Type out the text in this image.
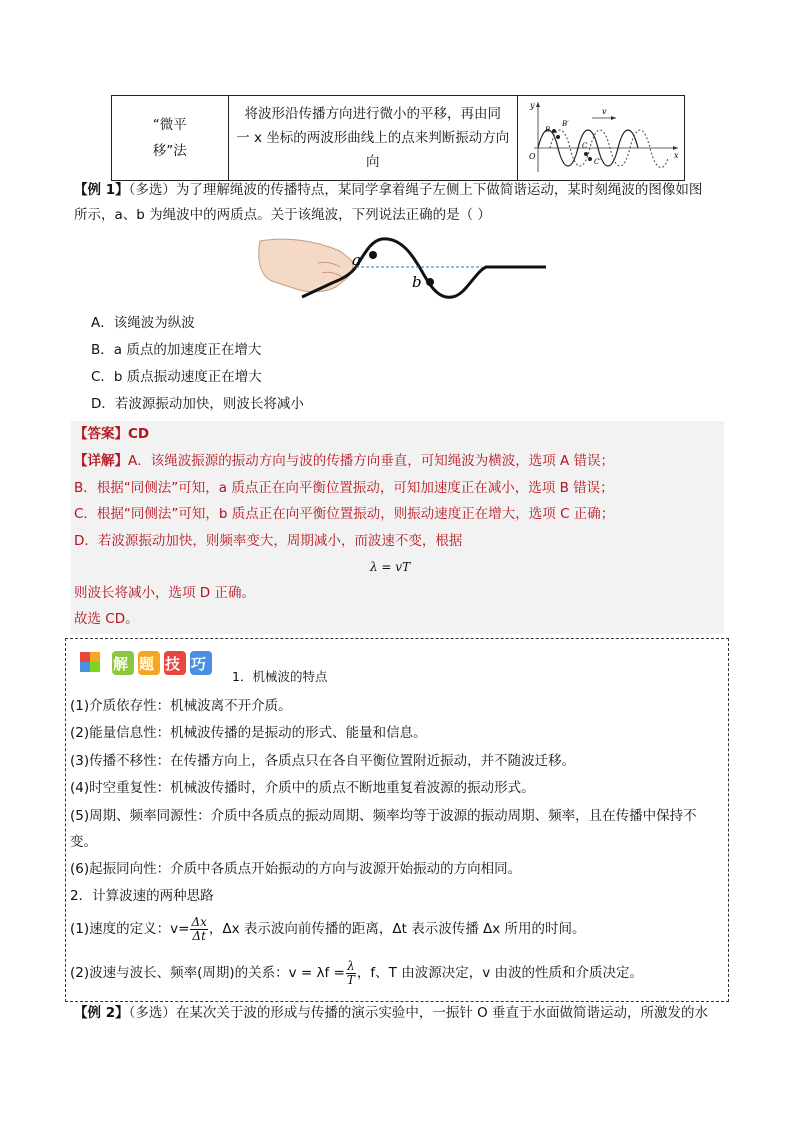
“微平
移”法

将波形沿传播方向进行微小的平移，再由同
一 x 坐标的两波形曲线上的点来判断振动方向
向

y
x
O
v
B
B′
C
C′
【例 1】（多选）为了理解绳波的传播特点，某同学拿着绳子左侧上下做简谐运动，某时刻绳波的图像如图
所示，a、b 为绳波中的两质点。关于该绳波，下列说法正确的是（ ）
a
b
A．该绳波为纵波
B．a 质点的加速度正在增大
C．b 质点振动速度正在增大
D．若波源振动加快，则波长将减小
【答案】CD
【详解】A．该绳波振源的振动方向与波的传播方向垂直，可知绳波为横波，选项 A 错误；
B．根据“同侧法”可知，a 质点正在向平衡位置振动，可知加速度正在减小，选项 B 错误；
C．根据“同侧法”可知，b 质点正在向平衡位置振动，则振动速度正在增大，选项 C 正确；
D．若波源振动加快，则频率变大，周期减小，而波速不变，根据
λ = vT
则波长将减小，选项 D 正确。
故选 CD。
解题技巧
1．机械波的特点
(1)介质依存性：机械波离不开介质。
(2)能量信息性：机械波传播的是振动的形式、能量和信息。
(3)传播不移性：在传播方向上，各质点只在各自平衡位置附近振动，并不随波迁移。
(4)时空重复性：机械波传播时，介质中的质点不断地重复着波源的振动形式。
(5)周期、频率同源性：介质中各质点的振动周期、频率均等于波源的振动周期、频率，且在传播中保持不
变。
(6)起振同向性：介质中各质点开始振动的方向与波源开始振动的方向相同。
2．计算波速的两种思路
(1)速度的定义：$v= \frac{\Delta x}{\Delta t}$ ，Δx 表示波向前传播的距离，Δt 表示波传播 Δx 所用的时间。
(2)波速与波长、频率(周期)的关系：$v = \lambda f = \frac{\lambda}{T}$ ，f、T 由波源决定，v 由波的性质和介质决定。
【例 2】（多选）在某次关于波的形成与传播的演示实验中，一振针 O 垂直于水面做简谐运动，所激发的水
